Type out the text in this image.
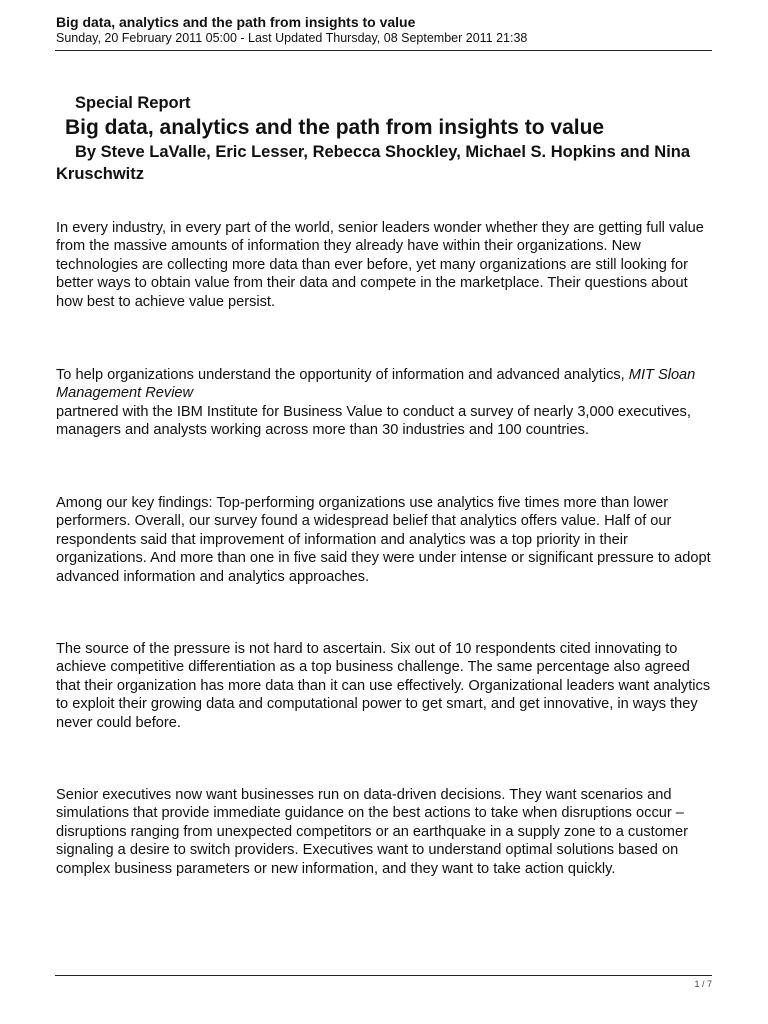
Big data, analytics and the path from insights to value
Sunday, 20 February 2011 05:00 - Last Updated Thursday, 08 September 2011 21:38
Special Report
Big data, analytics and the path from insights to value
By Steve LaValle, Eric Lesser, Rebecca Shockley, Michael S. Hopkins and Nina Kruschwitz
In every industry, in every part of the world, senior leaders wonder whether they are getting full value from the massive amounts of information they already have within their organizations. New technologies are collecting more data than ever before, yet many organizations are still looking for better ways to obtain value from their data and compete in the marketplace. Their questions about how best to achieve value persist.
To help organizations understand the opportunity of information and advanced analytics, MIT Sloan Management Review
partnered with the IBM Institute for Business Value to conduct a survey of nearly 3,000 executives, managers and analysts working across more than 30 industries and 100 countries.
Among our key findings: Top-performing organizations use analytics five times more than lower performers. Overall, our survey found a widespread belief that analytics offers value. Half of our respondents said that improvement of information and analytics was a top priority in their organizations. And more than one in five said they were under intense or significant pressure to adopt advanced information and analytics approaches.
The source of the pressure is not hard to ascertain. Six out of 10 respondents cited innovating to achieve competitive differentiation as a top business challenge. The same percentage also agreed that their organization has more data than it can use effectively. Organizational leaders want analytics to exploit their growing data and computational power to get smart, and get innovative, in ways they never could before.
Senior executives now want businesses run on data-driven decisions. They want scenarios and simulations that provide immediate guidance on the best actions to take when disruptions occur – disruptions ranging from unexpected competitors or an earthquake in a supply zone to a customer signaling a desire to switch providers. Executives want to understand optimal solutions based on complex business parameters or new information, and they want to take action quickly.
1 / 7
